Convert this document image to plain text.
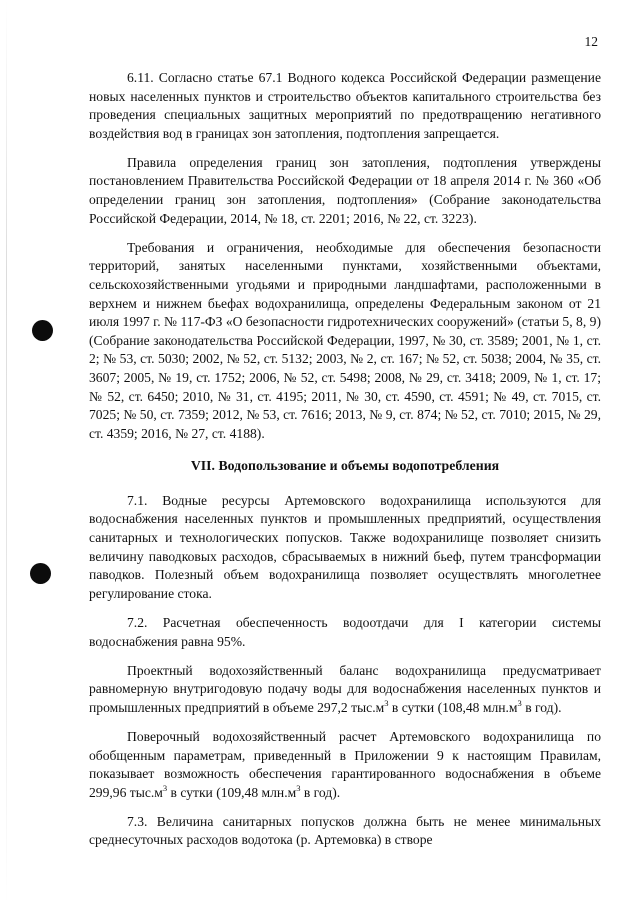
12

6.11. Согласно статье 67.1 Водного кодекса Российской Федерации размещение новых населенных пунктов и строительство объектов капитального строительства без проведения специальных защитных мероприятий по предотвращению негативного воздействия вод в границах зон затопления, подтопления запрещается.

Правила определения границ зон затопления, подтопления утверждены постановлением Правительства Российской Федерации от 18 апреля 2014 г. № 360 «Об определении границ зон затопления, подтопления» (Собрание законодательства Российской Федерации, 2014, № 18, ст. 2201; 2016, № 22, ст. 3223).

Требования и ограничения, необходимые для обеспечения безопасности территорий, занятых населенными пунктами, хозяйственными объектами, сельскохозяйственными угодьями и природными ландшафтами, расположенными в верхнем и нижнем бьефах водохранилища, определены Федеральным законом от 21 июля 1997 г. № 117-ФЗ «О безопасности гидротехнических сооружений» (статьи 5, 8, 9) (Собрание законодательства Российской Федерации, 1997, № 30, ст. 3589; 2001, № 1, ст. 2; № 53, ст. 5030; 2002, № 52, ст. 5132; 2003, № 2, ст. 167; № 52, ст. 5038; 2004, № 35, ст. 3607; 2005, № 19, ст. 1752; 2006, № 52, ст. 5498; 2008, № 29, ст. 3418; 2009, № 1, ст. 17; № 52, ст. 6450; 2010, № 31, ст. 4195; 2011, № 30, ст. 4590, ст. 4591; № 49, ст. 7015, ст. 7025; № 50, ст. 7359; 2012, № 53, ст. 7616; 2013, № 9, ст. 874; № 52, ст. 7010; 2015, № 29, ст. 4359; 2016, № 27, ст. 4188).

VII. Водопользование и объемы водопотребления

7.1. Водные ресурсы Артемовского водохранилища используются для водоснабжения населенных пунктов и промышленных предприятий, осуществления санитарных и технологических попусков. Также водохранилище позволяет снизить величину паводковых расходов, сбрасываемых в нижний бьеф, путем трансформации паводков. Полезный объем водохранилища позволяет осуществлять многолетнее регулирование стока.

7.2. Расчетная обеспеченность водоотдачи для I категории системы водоснабжения равна 95%.

Проектный водохозяйственный баланс водохранилища предусматривает равномерную внутригодовую подачу воды для водоснабжения населенных пунктов и промышленных предприятий в объеме 297,2 $тыс.м^3$ в сутки (108,48 $млн.м^3$ в год).

Поверочный водохозяйственный расчет Артемовского водохранилища по обобщенным параметрам, приведенный в Приложении 9 к настоящим Правилам, показывает возможность обеспечения гарантированного водоснабжения в объеме 299,96 $тыс.м^3$ в сутки (109,48 $млн.м^3$ в год).

7.3. Величина санитарных попусков должна быть не менее минимальных среднесуточных расходов водотока (р. Артемовка) в створе
